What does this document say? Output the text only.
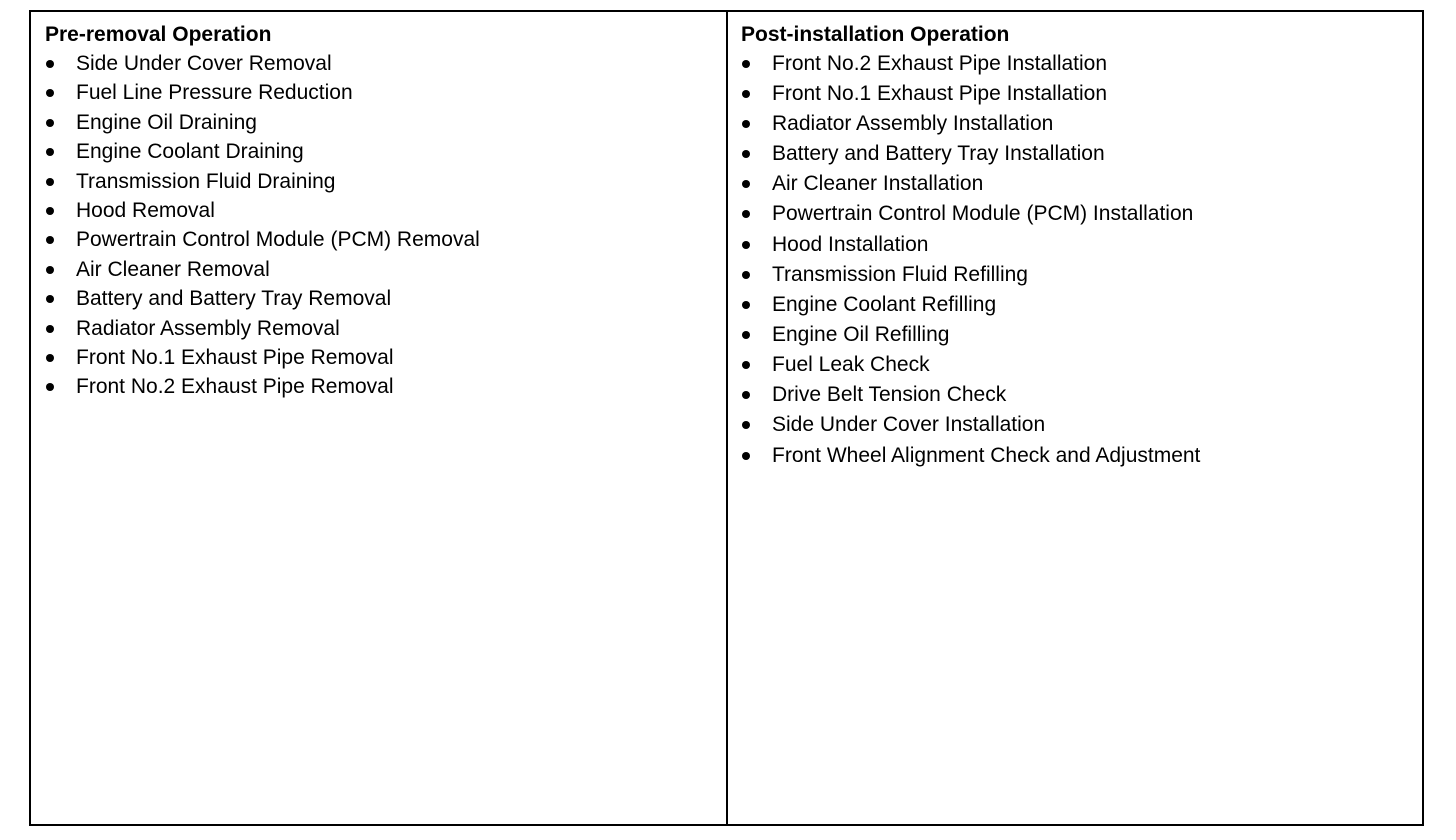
Pre-removal Operation
Side Under Cover Removal
Fuel Line Pressure Reduction
Engine Oil Draining
Engine Coolant Draining
Transmission Fluid Draining
Hood Removal
Powertrain Control Module (PCM) Removal
Air Cleaner Removal
Battery and Battery Tray Removal
Radiator Assembly Removal
Front No.1 Exhaust Pipe Removal
Front No.2 Exhaust Pipe Removal
Post-installation Operation
Front No.2 Exhaust Pipe Installation
Front No.1 Exhaust Pipe Installation
Radiator Assembly Installation
Battery and Battery Tray Installation
Air Cleaner Installation
Powertrain Control Module (PCM) Installation
Hood Installation
Transmission Fluid Refilling
Engine Coolant Refilling
Engine Oil Refilling
Fuel Leak Check
Drive Belt Tension Check
Side Under Cover Installation
Front Wheel Alignment Check and Adjustment
